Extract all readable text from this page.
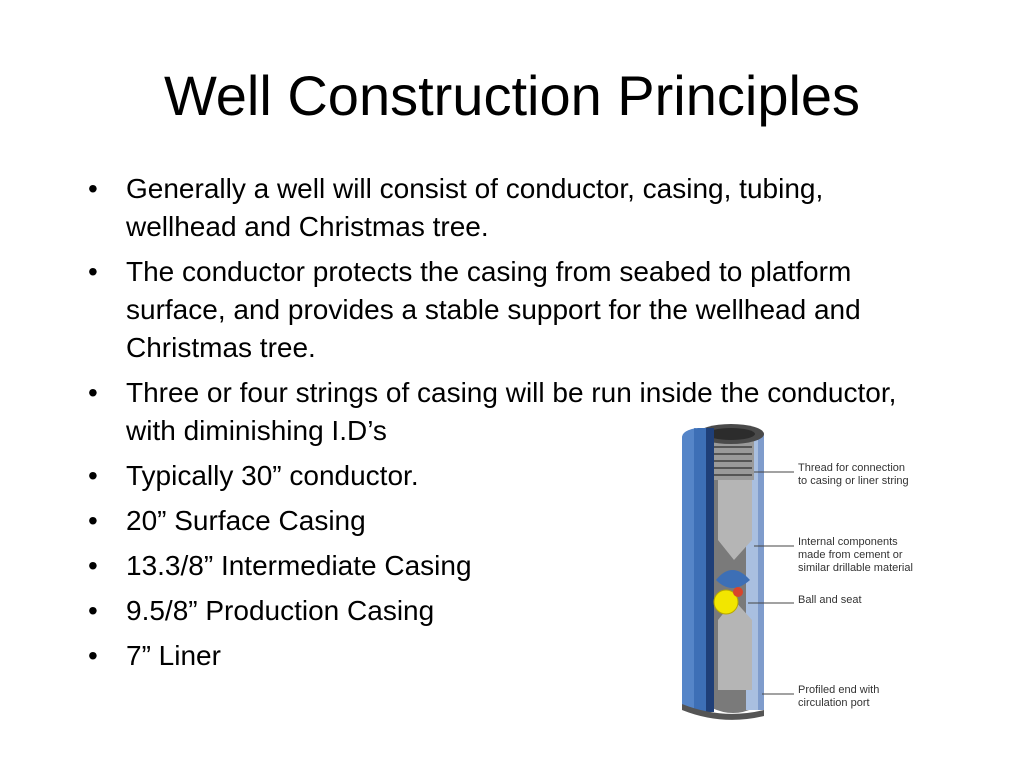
Well Construction Principles
• Generally a well will consist of conductor, casing, tubing, wellhead and Christmas tree.
• The conductor protects the casing from seabed to platform surface, and provides a stable support for the wellhead and Christmas tree.
• Three or four strings of casing will be run inside the conductor, with diminishing I.D’s
• Typically 30” conductor.
• 20” Surface Casing
• 13.3/8” Intermediate Casing
• 9.5/8” Production Casing
• 7” Liner
Thread for connection
to casing or liner string
Internal components
made from cement or
similar drillable material
Ball and seat
Profiled end with
circulation port
